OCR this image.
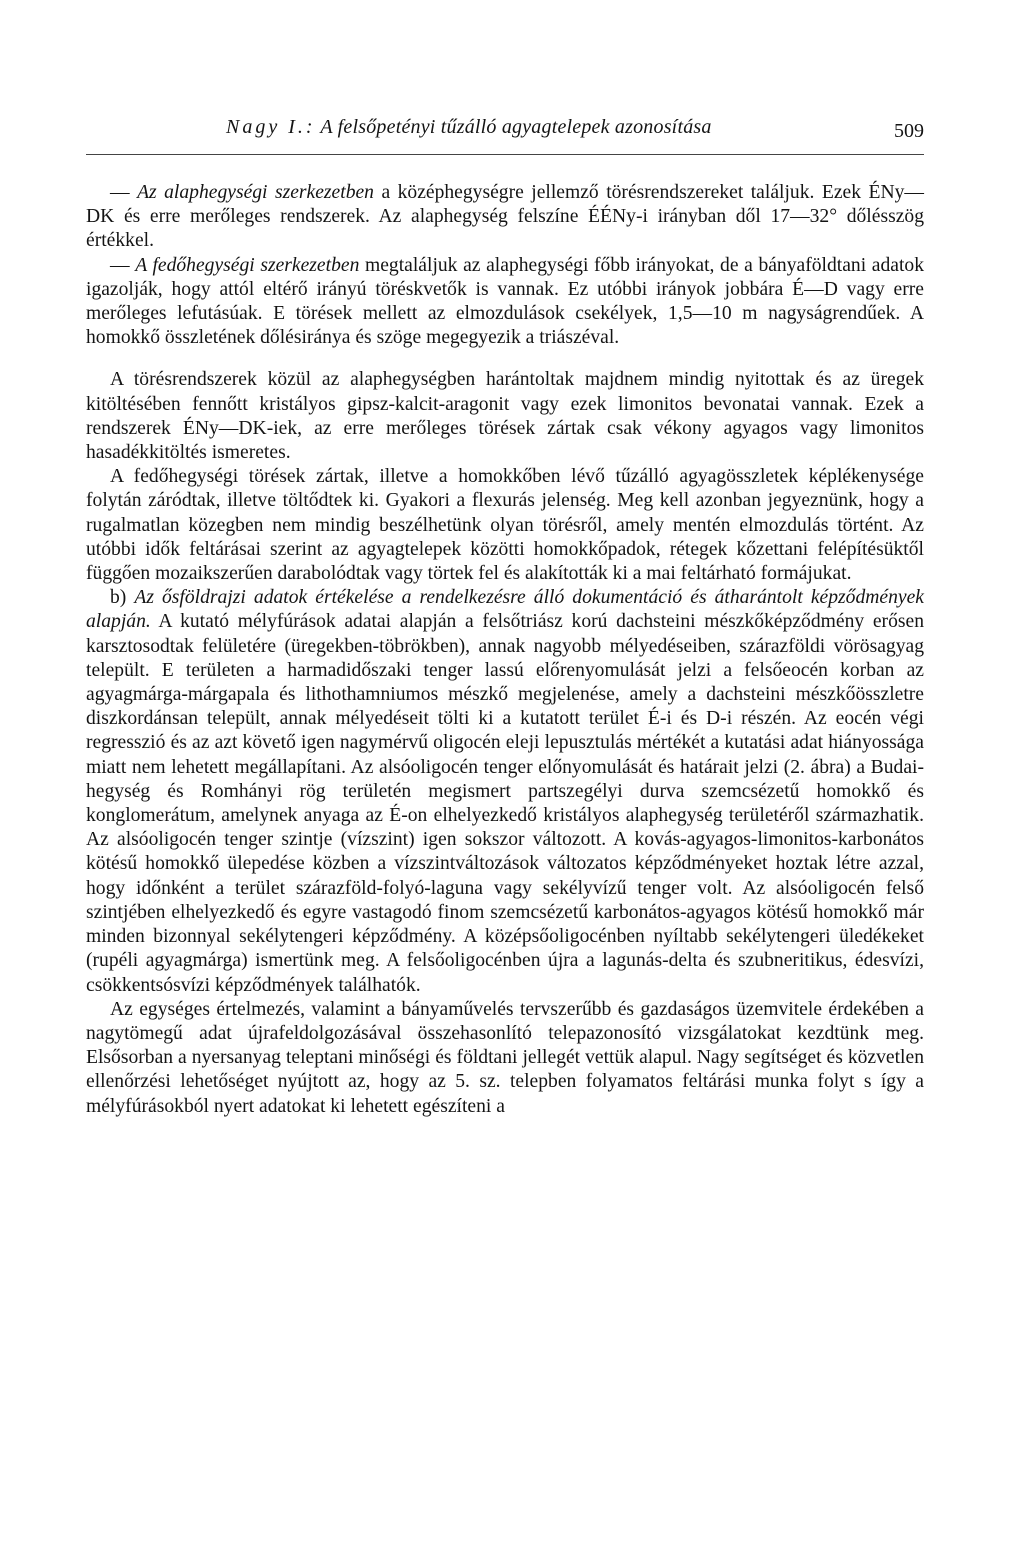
Nagy I.: A felsőpetényi tűzálló agyagtelepek azonosítása	509

— Az alaphegységi szerkezetben a középhegységre jellemző törésrendszereket találjuk. Ezek ÉNy—DK és erre merőleges rendszerek. Az alaphegység felszíne ÉÉNy-i irányban dől 17—32° dőlésszög értékkel.

— A fedőhegységi szerkezetben megtaláljuk az alaphegységi főbb irányokat, de a bányaföldtani adatok igazolják, hogy attól eltérő irányú töréskvetők is vannak. Ez utóbbi irányok jobbára É—D vagy erre merőleges lefutásúak. E törések mellett az elmozdulások csekélyek, 1,5—10 m nagyságrendűek. A homokkő összletének dőlésiránya és szöge megegyezik a triászéval.

A törésrendszerek közül az alaphegységben harántoltak majdnem mindig nyitottak és az üregek kitöltésében fennőtt kristályos gipsz-kalcit-aragonit vagy ezek limonitos bevonatai vannak. Ezek a rendszerek ÉNy—DK-iek, az erre merőleges törések zártak csak vékony agyagos vagy limonitos hasadékkitöltés ismeretes.

A fedőhegységi törések zártak, illetve a homokkőben lévő tűzálló agyagösszletek képlékenysége folytán záródtak, illetve töltődtek ki. Gyakori a flexurás jelenség. Meg kell azonban jegyeznünk, hogy a rugalmatlan közegben nem mindig beszélhetünk olyan törésről, amely mentén elmozdulás történt. Az utóbbi idők feltárásai szerint az agyagtelepek közötti homokkőpadok, rétegek kőzettani felépítésüktől függően mozaikszerűen darabolódtak vagy törtek fel és alakították ki a mai feltárható formájukat.

b) Az ősföldrajzi adatok értékelése a rendelkezésre álló dokumentáció és átharántolt képződmények alapján. A kutató mélyfúrások adatai alapján a felsőtriász korú dachsteini mészkőképződmény erősen karsztosodtak felületére (üregekben-töbrökben), annak nagyobb mélyedéseiben, szárazföldi vörösagyag települt. E területen a harmadidőszaki tenger lassú előrenyomulását jelzi a felsőeocén korban az agyagmárga-márgapala és lithothamniumos mészkő megjelenése, amely a dachsteini mészkőösszletre diszkordánsan települt, annak mélyedéseit tölti ki a kutatott terület É-i és D-i részén. Az eocén végi regresszió és az azt követő igen nagymérvű oligocén eleji lepusztulás mértékét a kutatási adat hiányossága miatt nem lehetett megállapítani. Az alsóoligocén tenger előnyomulását és határait jelzi (2. ábra) a Budai-hegység és Romhányi rög területén megismert partszegélyi durva szemcsézetű homokkő és konglomerátum, amelynek anyaga az É-on elhelyezkedő kristályos alaphegység területéről származhatik. Az alsóoligocén tenger szintje (vízszint) igen sokszor változott. A kovás-agyagos-limonitos-karbonátos kötésű homokkő ülepedése közben a vízszintváltozások változatos képződményeket hoztak létre azzal, hogy időnként a terület szárazföld-folyó-laguna vagy sekélyvízű tenger volt. Az alsóoligocén felső szintjében elhelyezkedő és egyre vastagodó finom szemcsézetű karbonátos-agyagos kötésű homokkő már minden bizonnyal sekélytengeri képződmény. A középsőoligocénben nyíltabb sekélytengeri üledékeket (rupéli agyagmárga) ismertünk meg. A felsőoligocénben újra a lagunás-delta és szubneritikus, édesvízi, csökkentsósvízi képződmények találhatók.

Az egységes értelmezés, valamint a bányaművelés tervszerűbb és gazdaságos üzemvitele érdekében a nagytömegű adat újrafeldolgozásával összehasonlító telepazonosító vizsgálatokat kezdtünk meg. Elsősorban a nyersanyag teleptani minőségi és földtani jellegét vettük alapul. Nagy segítséget és közvetlen ellenőrzési lehetőséget nyújtott az, hogy az 5. sz. telepben folyamatos feltárási munka folyt s így a mélyfúrásokból nyert adatokat ki lehetett egészíteni a
